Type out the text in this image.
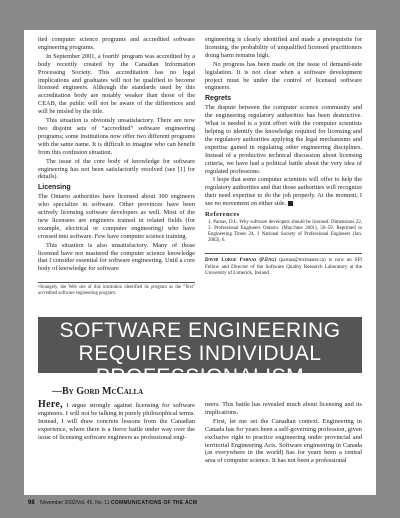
ited computer science programs and accredited software engineering programs.

In September 2001, a fourth¹ program was accredited by a body recently created by the Canadian Information Processing Society. This accreditation has no legal implications and graduates will not be qualified to become licensed engineers. Although the standards used by this accreditation body are notably weaker than those of the CEAB, the public will not be aware of the differences and will be misled by the title.

This situation is obviously unsatisfactory. There are now two disjoint sets of “accredited” software engineering programs; some institutions now offer two different programs with the same name. It is difficult to imagine who can benefit from this confusion situation.

The issue of the core body of knowledge for software engineering has not been satisfactorily resolved (see [1] for details).

Licensing

The Ontario authorities have licensed about 300 engineers who specialize in software. Other provinces have been actively licensing software developers as well. Most of the new licensees are engineers trained in related fields (for example, electrical or computer engineering) who have crossed into software. Few have computer science training.

This situation is also unsatisfactory. Many of those licensed have not mastered the computer science knowledge that I consider essential for software engineering. Until a core body of knowledge for software

¹Strangely, the Web site of this institution identified its program as the “first” accredited software engineering program.

engineering is clearly identified and made a prerequisite for licensing, the probability of unqualified licensed practitioners doing harm remains high.

No progress has been made on the issue of demand-side legislation. It is not clear when a software development project must be under the control of licensed software engineers.

Regrets

The dispute between the computer science community and the engineering regulatory authorities has been destructive. What is needed is a joint effort with the computer scientists helping to identify the knowledge required for licensing and the regulatory authorities applying the legal mechanisms and expertise gained in regulating other engineering disciplines. Instead of a productive technical discussion about licensing criteria, we have had a political battle about the very idea of regulated professions.

I hope that some computer scientists will offer to help the regulatory authorities and that those authorities will recognize their need expertise to do the job properly. At the moment, I see no movement on either side. c

References
1. Parnas, D.L. Why software developers should be licensed. Dimensions 22, 3. Professional Engineers Ontario. (May/June 2001), 56–59. Reprinted in Engineering Times 24, 1 National Society of Professional Engineers (Jan. 2002), 6.
David Lorge Parnas (P.Eng) (parnas@mcmaster.ca) is now an SFI Fellow and Director of the Software Quality Research Laboratory at the University of Limerick, Ireland.
SOFTWARE ENGINEERING
REQUIRES INDIVIDUAL
PROFESSIONALISM
—By Gord McCalla

Here, I argue strongly against licensing for software engineers. I will not be talking in purely philosophical terms. Instead, I will draw concrete lessons from the Canadian experience, where there is a fierce battle under way over the issue of licensing software engineers as professional engi-

neers. This battle has revealed much about licensing and its implications.

First, let me set the Canadian context. Engineering in Canada has for years been a self-governing profession, given exclusive right to practice engineering under provincial and territorial Engineering Acts. Software engineering in Canada (as everywhere in the world) has for years been a central area of computer science. It has not been a professional

98 November 2002/Vol. 45, No. 11 COMMUNICATIONS OF THE ACM
